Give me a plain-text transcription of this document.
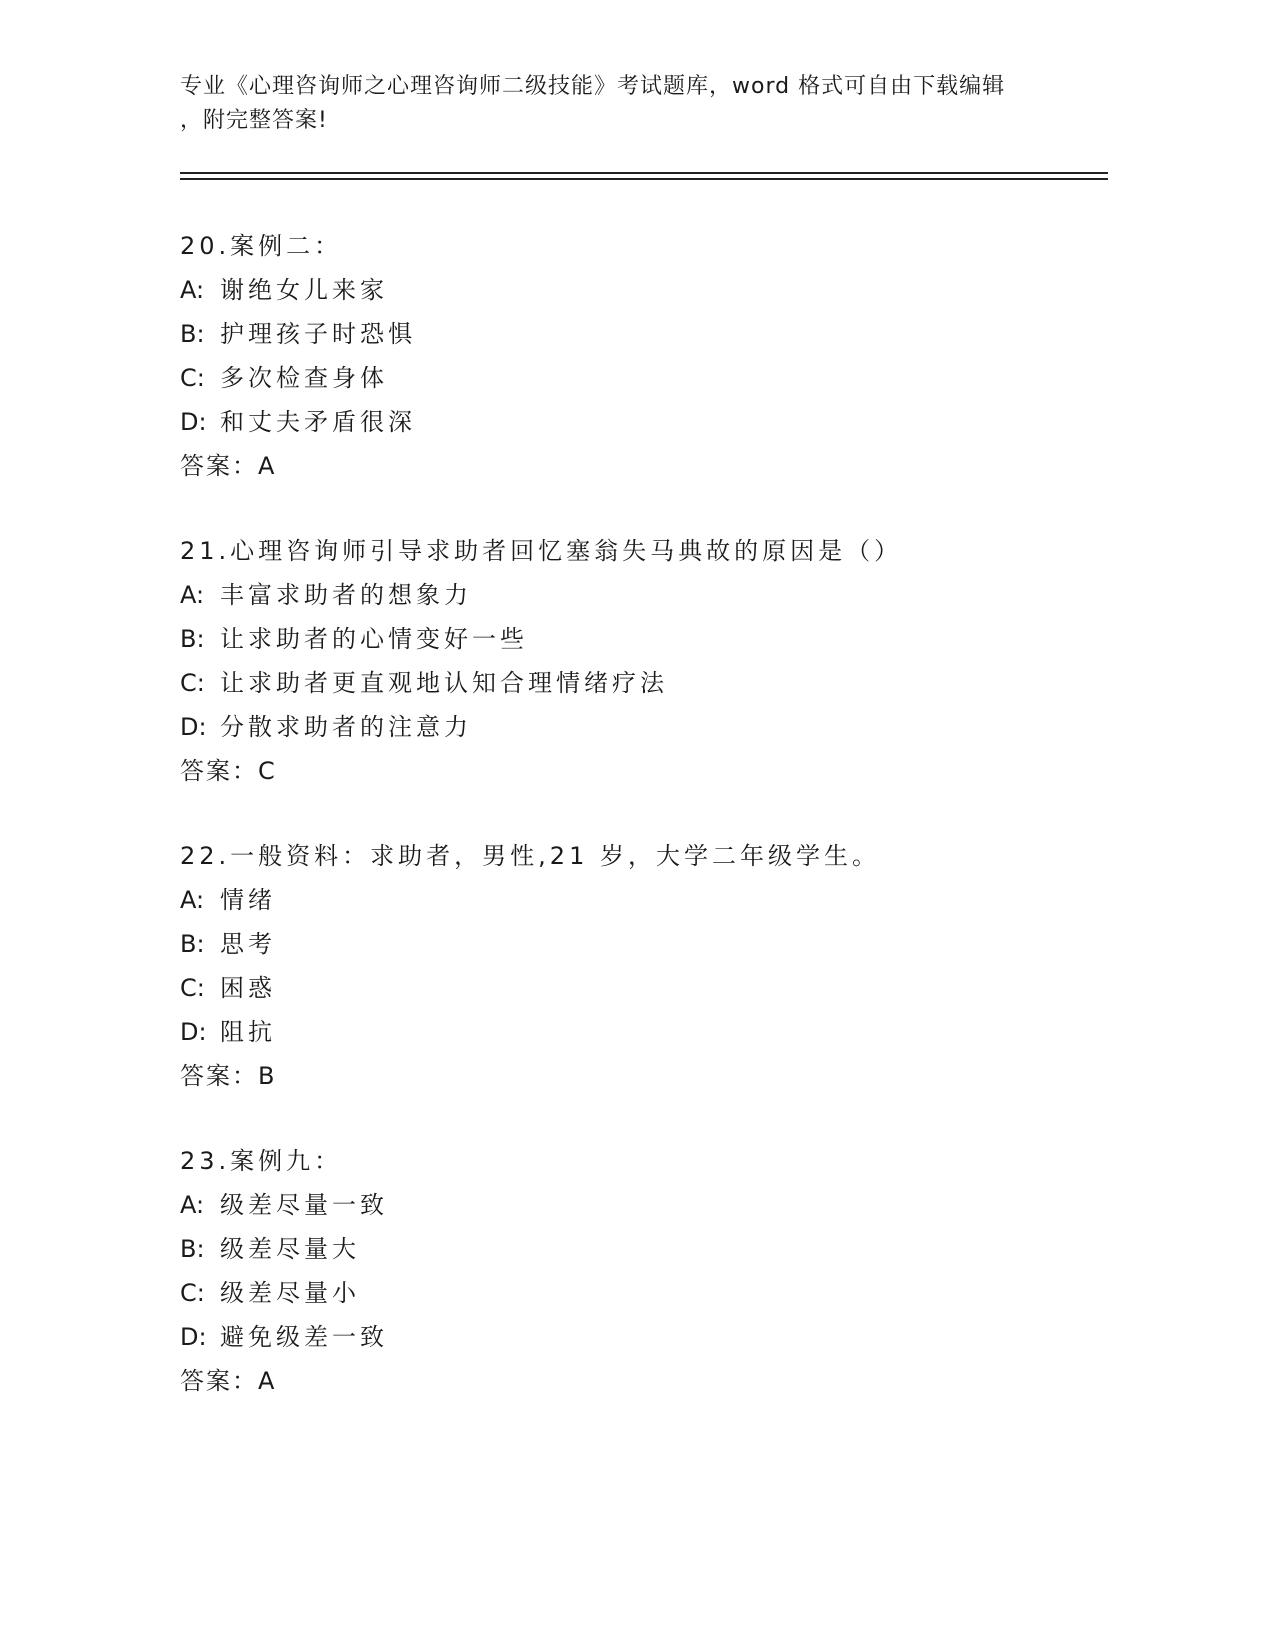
专业《心理咨询师之心理咨询师二级技能》考试题库，word 格式可自由下载编辑
，附完整答案!
20.案例二：
A: 谢绝女儿来家
B: 护理孩子时恐惧
C: 多次检查身体
D: 和丈夫矛盾很深
答案：A
21.心理咨询师引导求助者回忆塞翁失马典故的原因是（）
A: 丰富求助者的想象力
B: 让求助者的心情变好一些
C: 让求助者更直观地认知合理情绪疗法
D: 分散求助者的注意力
答案：C
22.一般资料：求助者，男性,21 岁，大学二年级学生。
A: 情绪
B: 思考
C: 困惑
D: 阻抗
答案：B
23.案例九：
A: 级差尽量一致
B: 级差尽量大
C: 级差尽量小
D: 避免级差一致
答案：A
